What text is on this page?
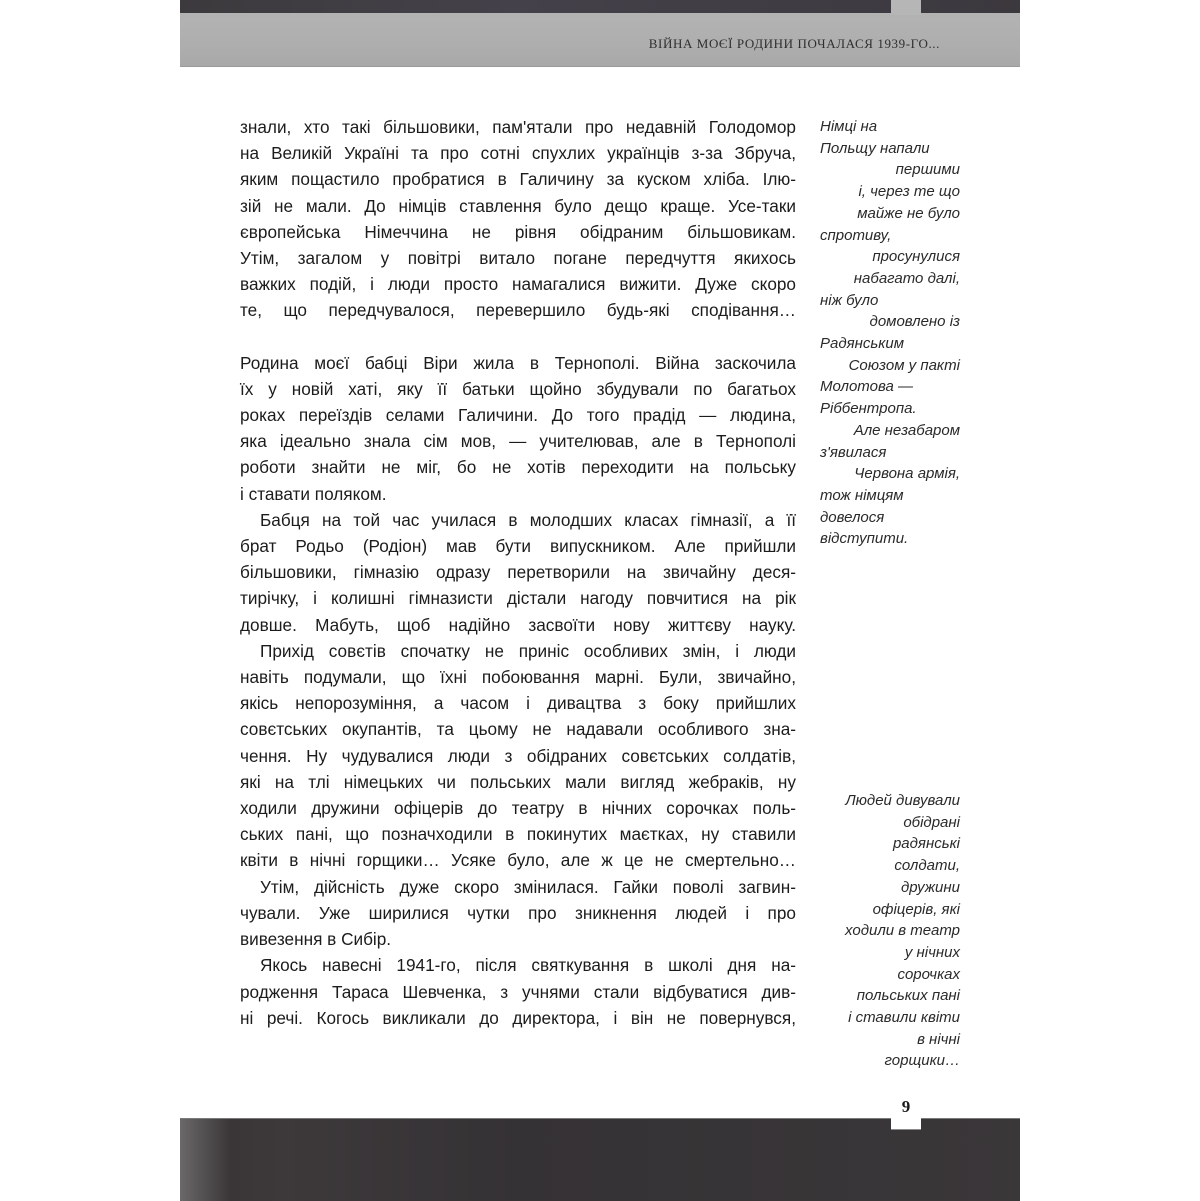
ВІЙНА МОЄЇ РОДИНИ ПОЧАЛАСЯ 1939-ГО...

знали, хто такі більшовики, пам'ятали про недавній Голодомор
на Великій Україні та про сотні спухлих українців з-за Збруча,
яким пощастило пробратися в Галичину за куском хліба. Ілю-
зій не мали. До німців ставлення було дещо краще. Усе-таки
європейська Німеччина не рівня обідраним більшовикам.
Утім, загалом у повітрі витало погане передчуття якихось
важких подій, і люди просто намагалися вижити. Дуже скоро
те, що передчувалося, перевершило будь-які сподівання…

Родина моєї бабці Віри жила в Тернополі. Війна заскочила
їх у новій хаті, яку її батьки щойно збудували по багатьох
роках переїздів селами Галичини. До того прадід — людина,
яка ідеально знала сім мов, — учителював, але в Тернополі
роботи знайти не міг, бо не хотів переходити на польську
і ставати поляком.

Бабця на той час училася в молодших класах гімназії, а її
брат Родьо (Родіон) мав бути випускником. Але прийшли
більшовики, гімназію одразу перетворили на звичайну деся-
тирічку, і колишні гімназисти дістали нагоду повчитися на рік
довше. Мабуть, щоб надійно засвоїти нову життєву науку.

Прихід совєтів спочатку не приніс особливих змін, і люди
навіть подумали, що їхні побоювання марні. Були, звичайно,
якісь непорозуміння, а часом і дивацтва з боку прийшлих
совєтських окупантів, та цьому не надавали особливого зна-
чення. Ну чудувалися люди з обідраних совєтських солдатів,
які на тлі німецьких чи польських мали вигляд жебраків, ну
ходили дружини офіцерів до театру в нічних сорочках поль-
ських пані, що позначходили в покинутих маєтках, ну ставили
квіти в нічні горщики… Усяке було, але ж це не смертельно…

Утім, дійсність дуже скоро змінилася. Гайки поволі загвин-
чували. Уже ширилися чутки про зникнення людей і про
вивезення в Сибір.

Якось навесні 1941-го, після святкування в школі дня на-
родження Тараса Шевченка, з учнями стали відбуватися див-
ні речі. Когось викликали до директора, і він не повернувся,

Німці на
Польщу напали
першими
і, через те що
майже не було
спротиву,
просунулися
набагато далі,
ніж було
домовлено із
Радянським
Союзом у пакті
Молотова —
Ріббентропа.
Але незабаром
з'явилася
Червона армія,
тож німцям
довелося
відступити.
Людей дивували
обідрані
радянські
солдати,
дружини
офіцерів, які
ходили в театр
у нічних
сорочках
польських пані
і ставили квіти
в нічні
горщики…
9
